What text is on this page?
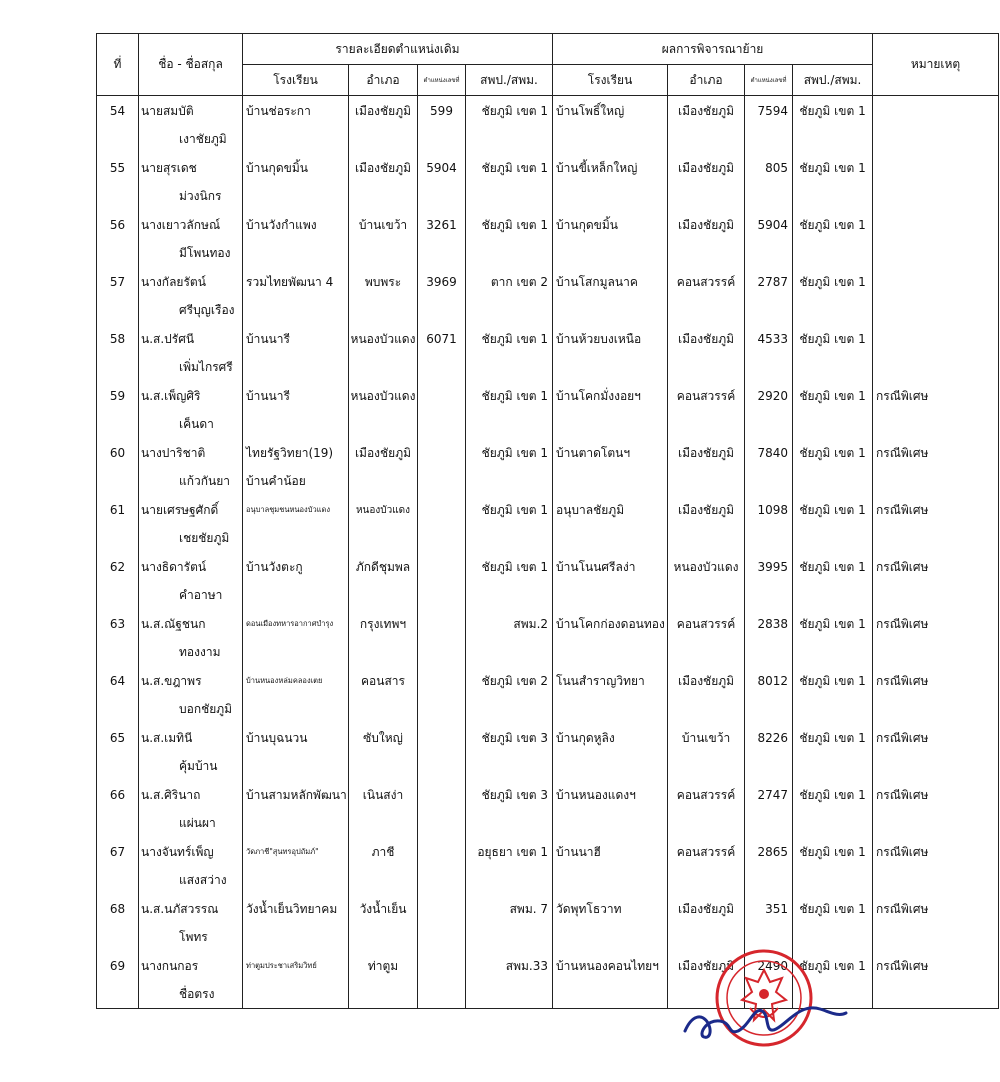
ที่	ชื่อ - ชื่อสกุล	รายละเอียดตำแหน่งเดิม				ผลการพิจารณาย้าย				หมายเหตุ
		โรงเรียน	อำเภอ	ตำแหน่งเลขที่	สพป./สพม.	โรงเรียน	อำเภอ	ตำแหน่งเลขที่	สพป./สพม.	
54	นายสมบัติ	บ้านช่อระกา	เมืองชัยภูมิ	599	ชัยภูมิ เขต 1	บ้านโพธิ์ใหญ่	เมืองชัยภูมิ	7594	ชัยภูมิ เขต 1	
	เงาชัยภูมิ									
55	นายสุรเดช	บ้านกุดขมิ้น	เมืองชัยภูมิ	5904	ชัยภูมิ เขต 1	บ้านขี้เหล็กใหญ่	เมืองชัยภูมิ	805	ชัยภูมิ เขต 1	
	ม่วงนิกร									
56	นางเยาวลักษณ์	บ้านวังกำแพง	บ้านเขว้า	3261	ชัยภูมิ เขต 1	บ้านกุดขมิ้น	เมืองชัยภูมิ	5904	ชัยภูมิ เขต 1	
	มีโพนทอง									
57	นางกัลยรัตน์	รวมไทยพัฒนา 4	พบพระ	3969	ตาก เขต 2	บ้านโสกมูลนาค	คอนสวรรค์	2787	ชัยภูมิ เขต 1	
	ศรีบุญเรือง									
58	น.ส.ปรัศนี	บ้านนารี	หนองบัวแดง	6071	ชัยภูมิ เขต 1	บ้านห้วยบงเหนือ	เมืองชัยภูมิ	4533	ชัยภูมิ เขต 1	
	เพิ่มไกรศรี									
59	น.ส.เพ็ญศิริ	บ้านนารี	หนองบัวแดง		ชัยภูมิ เขต 1	บ้านโคกมั่งงอยฯ	คอนสวรรค์	2920	ชัยภูมิ เขต 1	กรณีพิเศษ
	เค็นดา									
60	นางปาริชาติ	ไทยรัฐวิทยา(19)	เมืองชัยภูมิ		ชัยภูมิ เขต 1	บ้านตาดโตนฯ	เมืองชัยภูมิ	7840	ชัยภูมิ เขต 1	กรณีพิเศษ
	แก้วกันยา	บ้านคำน้อย								
61	นายเศรษฐศักดิ์	อนุบาลชุมชนหนองบัวแดง	หนองบัวแดง		ชัยภูมิ เขต 1	อนุบาลชัยภูมิ	เมืองชัยภูมิ	1098	ชัยภูมิ เขต 1	กรณีพิเศษ
	เชยชัยภูมิ									
62	นางธิดารัตน์	บ้านวังตะกู	ภักดีชุมพล		ชัยภูมิ เขต 1	บ้านโนนศรีลง่า	หนองบัวแดง	3995	ชัยภูมิ เขต 1	กรณีพิเศษ
	คำอาษา									
63	น.ส.ณัฐชนก	ดอนเมืองทหารอากาศบำรุง	กรุงเทพฯ		สพม.2	บ้านโคกก่องดอนทอง	คอนสวรรค์	2838	ชัยภูมิ เขต 1	กรณีพิเศษ
	ทองงาม									
64	น.ส.ขฎาพร	บ้านหนองหล่มคลองเตย	คอนสาร		ชัยภูมิ เขต 2	โนนสำราญวิทยา	เมืองชัยภูมิ	8012	ชัยภูมิ เขต 1	กรณีพิเศษ
	บอกชัยภูมิ									
65	น.ส.เมทินี	บ้านบุฉนวน	ซับใหญ่		ชัยภูมิ เขต 3	บ้านกุดหูลิง	บ้านเขว้า	8226	ชัยภูมิ เขต 1	กรณีพิเศษ
	คุ้มบ้าน									
66	น.ส.ศิรินาถ	บ้านสามหลักพัฒนา	เนินสง่า		ชัยภูมิ เขต 3	บ้านหนองแดงฯ	คอนสวรรค์	2747	ชัยภูมิ เขต 1	กรณีพิเศษ
	แผ่นผา									
67	นางจันทร์เพ็ญ	วัดภาชี"สุนทรอุปถัมภ์"	ภาชี		อยุธยา เขต 1	บ้านนาฮี	คอนสวรรค์	2865	ชัยภูมิ เขต 1	กรณีพิเศษ
	แสงสว่าง									
68	น.ส.นภัสวรรณ	วังน้ำเย็นวิทยาคม	วังน้ำเย็น		สพม. 7	วัดพุทโธวาท	เมืองชัยภูมิ	351	ชัยภูมิ เขต 1	กรณีพิเศษ
	โพทร									
69	นางกนกอร	ท่าตูมประชาเสริมวิทย์	ท่าตูม		สพม.33	บ้านหนองคอนไทยฯ	เมืองชัยภูมิ	2490	ชัยภูมิ เขต 1	กรณีพิเศษ
	ชื่อตรง									
